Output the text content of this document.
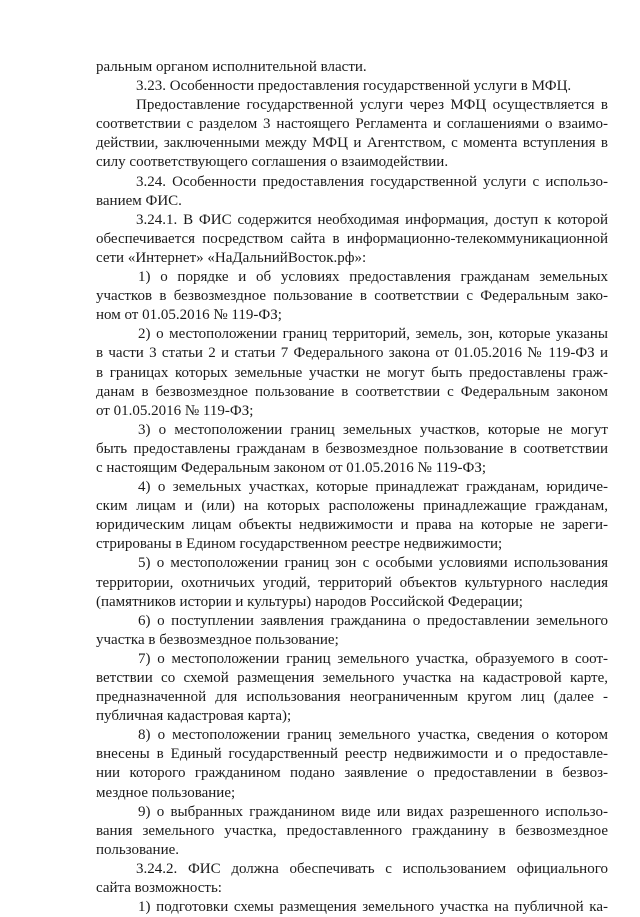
ральным органом исполнительной власти.
3.23. Особенности предоставления государственной услуги в МФЦ.
Предоставление государственной услуги через МФЦ осуществляется в
соответствии с разделом 3 настоящего Регламента и соглашениями о взаимо-
действии, заключенными между МФЦ и Агентством, с момента вступления в
силу соответствующего соглашения о взаимодействии.
3.24. Особенности предоставления государственной услуги с использо-
ванием ФИС.
3.24.1. В ФИС содержится необходимая информация, доступ к которой
обеспечивается посредством сайта в информационно-телекоммуникационной
сети «Интернет» «НаДальнийВосток.рф»:
1) о порядке и об условиях предоставления гражданам земельных
участков в безвозмездное пользование в соответствии с Федеральным зако-
ном от 01.05.2016 № 119-ФЗ;
2) о местоположении границ территорий, земель, зон, которые указаны
в части 3 статьи 2 и статьи 7 Федерального закона от 01.05.2016 № 119-ФЗ и
в границах которых земельные участки не могут быть предоставлены граж-
данам в безвозмездное пользование в соответствии с Федеральным законом
от 01.05.2016 № 119-ФЗ;
3) о местоположении границ земельных участков, которые не могут
быть предоставлены гражданам в безвозмездное пользование в соответствии
с настоящим Федеральным законом от 01.05.2016 № 119-ФЗ;
4) о земельных участках, которые принадлежат гражданам, юридиче-
ским лицам и (или) на которых расположены принадлежащие гражданам,
юридическим лицам объекты недвижимости и права на которые не зареги-
стрированы в Едином государственном реестре недвижимости;
5) о местоположении границ зон с особыми условиями использования
территории, охотничьих угодий, территорий объектов культурного наследия
(памятников истории и культуры) народов Российской Федерации;
6) о поступлении заявления гражданина о предоставлении земельного
участка в безвозмездное пользование;
7) о местоположении границ земельного участка, образуемого в соот-
ветствии со схемой размещения земельного участка на кадастровой карте,
предназначенной для использования неограниченным кругом лиц (далее -
публичная кадастровая карта);
8) о местоположении границ земельного участка, сведения о котором
внесены в Единый государственный реестр недвижимости и о предоставле-
нии которого гражданином подано заявление о предоставлении в безвоз-
мездное пользование;
9) о выбранных гражданином виде или видах разрешенного использо-
вания земельного участка, предоставленного гражданину в безвозмездное
пользование.
3.24.2. ФИС должна обеспечивать с использованием официального
сайта возможность:
1) подготовки схемы размещения земельного участка на публичной ка-
